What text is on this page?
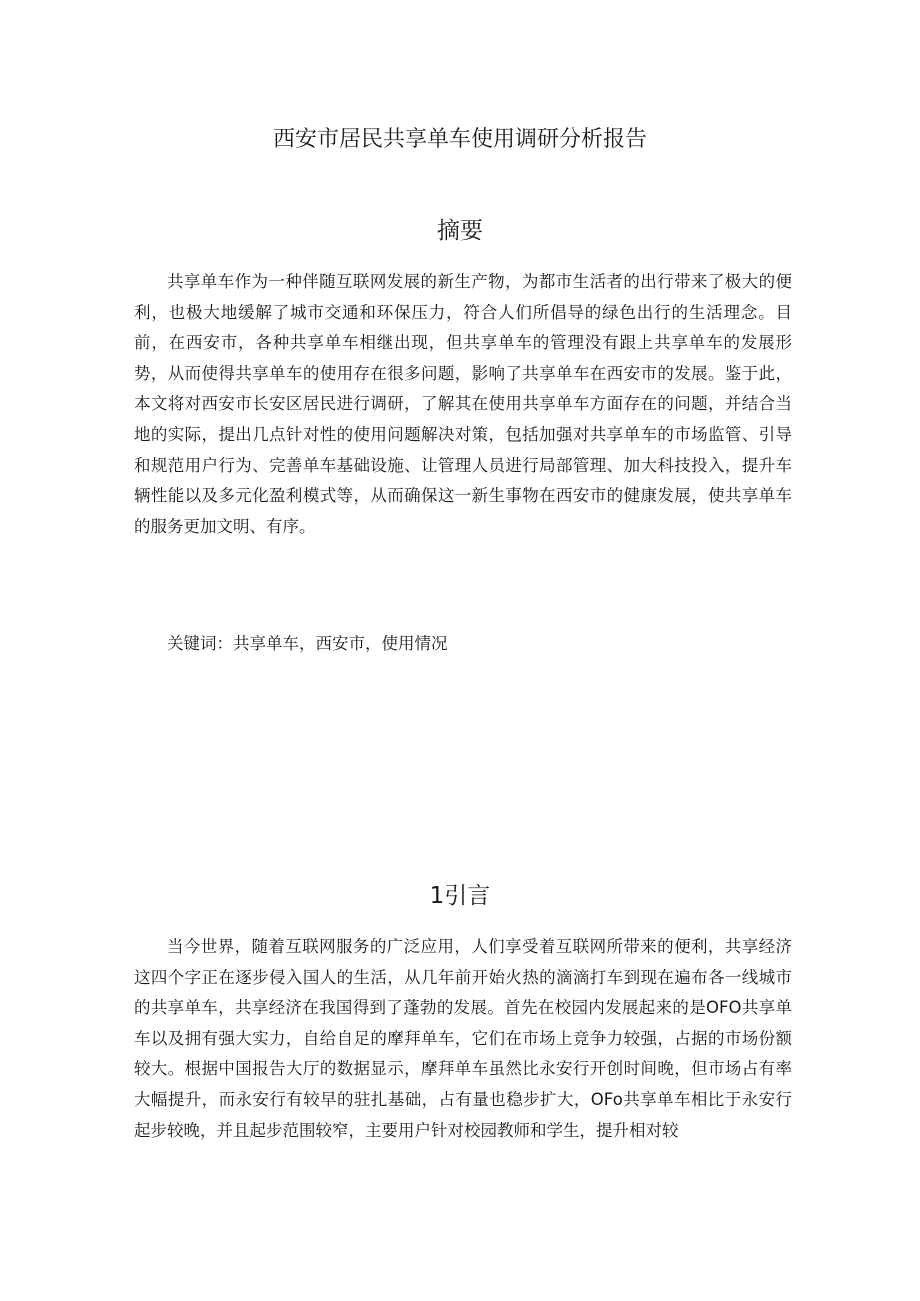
西安市居民共享单车使用调研分析报告
摘要

共享单车作为一种伴随互联网发展的新生产物，为都市生活者的出行带来了极大的便利，也极大地缓解了城市交通和环保压力，符合人们所倡导的绿色出行的生活理念。目前，在西安市，各种共享单车相继出现，但共享单车的管理没有跟上共享单车的发展形势，从而使得共享单车的使用存在很多问题，影响了共享单车在西安市的发展。鉴于此，本文将对西安市长安区居民进行调研，了解其在使用共享单车方面存在的问题，并结合当地的实际，提出几点针对性的使用问题解决对策，包括加强对共享单车的市场监管、引导和规范用户行为、完善单车基础设施、让管理人员进行局部管理、加大科技投入，提升车辆性能以及多元化盈利模式等，从而确保这一新生事物在西安市的健康发展，使共享单车的服务更加文明、有序。

关键词：共享单车，西安市，使用情况
1引言

当今世界，随着互联网服务的广泛应用，人们享受着互联网所带来的便利，共享经济这四个字正在逐步侵入国人的生活，从几年前开始火热的滴滴打车到现在遍布各一线城市的共享单车，共享经济在我国得到了蓬勃的发展。首先在校园内发展起来的是OFO共享单车以及拥有强大实力，自给自足的摩拜单车，它们在市场上竞争力较强，占据的市场份额较大。根据中国报告大厅的数据显示，摩拜单车虽然比永安行开创时间晚，但市场占有率大幅提升，而永安行有较早的驻扎基础，占有量也稳步扩大，OFo共享单车相比于永安行起步较晚，并且起步范围较窄，主要用户针对校园教师和学生，提升相对较
